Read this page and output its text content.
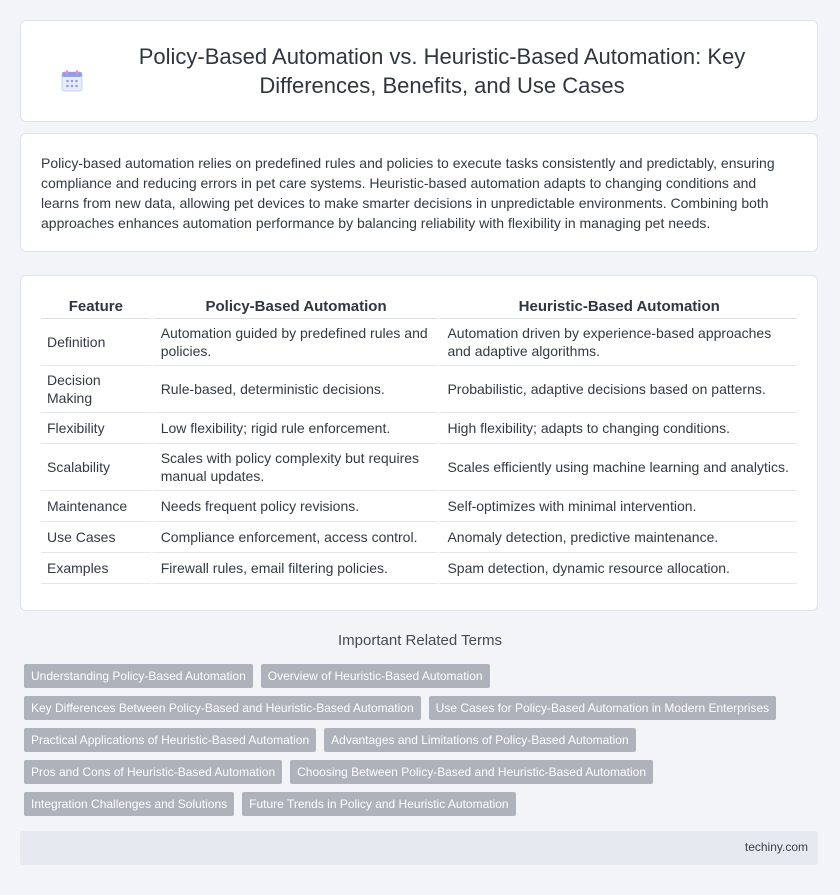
Policy-Based Automation vs. Heuristic-Based Automation: Key Differences, Benefits, and Use Cases

Policy-based automation relies on predefined rules and policies to execute tasks consistently and predictably, ensuring compliance and reducing errors in pet care systems. Heuristic-based automation adapts to changing conditions and learns from new data, allowing pet devices to make smarter decisions in unpredictable environments. Combining both approaches enhances automation performance by balancing reliability with flexibility in managing pet needs.

Feature	Policy-Based Automation	Heuristic-Based Automation
Definition	Automation guided by predefined rules and policies.	Automation driven by experience-based approaches and adaptive algorithms.
Decision Making	Rule-based, deterministic decisions.	Probabilistic, adaptive decisions based on patterns.
Flexibility	Low flexibility; rigid rule enforcement.	High flexibility; adapts to changing conditions.
Scalability	Scales with policy complexity but requires manual updates.	Scales efficiently using machine learning and analytics.
Maintenance	Needs frequent policy revisions.	Self-optimizes with minimal intervention.
Use Cases	Compliance enforcement, access control.	Anomaly detection, predictive maintenance.
Examples	Firewall rules, email filtering policies.	Spam detection, dynamic resource allocation.
Important Related Terms
Understanding Policy-Based Automation	Overview of Heuristic-Based Automation
Key Differences Between Policy-Based and Heuristic-Based Automation	Use Cases for Policy-Based Automation in Modern Enterprises
Practical Applications of Heuristic-Based Automation	Advantages and Limitations of Policy-Based Automation
Pros and Cons of Heuristic-Based Automation	Choosing Between Policy-Based and Heuristic-Based Automation
Integration Challenges and Solutions	Future Trends in Policy and Heuristic Automation
techiny.com
